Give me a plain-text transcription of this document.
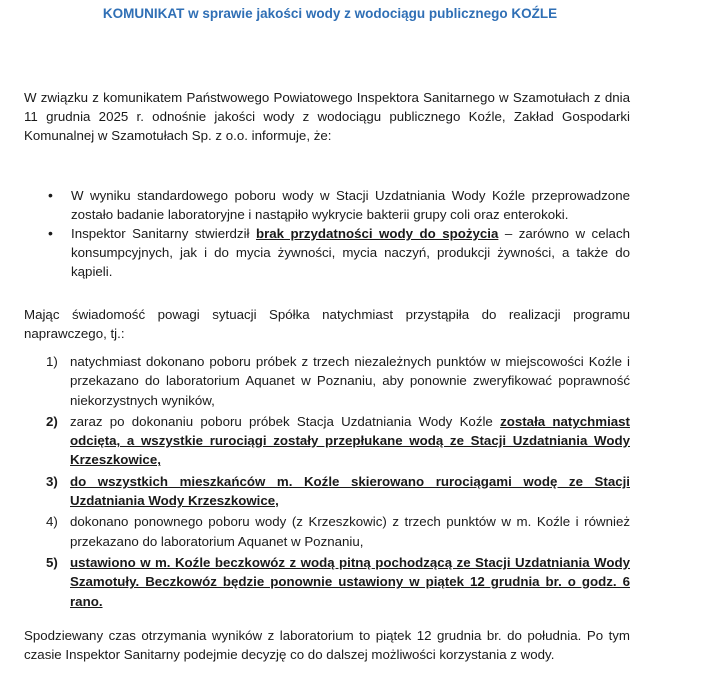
KOMUNIKAT w sprawie jakości wody z wodociągu publicznego KOŹLE
W związku z komunikatem Państwowego Powiatowego Inspektora Sanitarnego w Szamotułach z dnia 11 grudnia 2025 r. odnośnie jakości wody z wodociągu publicznego Koźle, Zakład Gospodarki Komunalnej w Szamotułach Sp. z o.o. informuje, że:
• W wyniku standardowego poboru wody w Stacji Uzdatniania Wody Koźle przeprowadzone zostało badanie laboratoryjne i nastąpiło wykrycie bakterii grupy coli oraz enterokoki.
• Inspektor Sanitarny stwierdził brak przydatności wody do spożycia – zarówno w celach konsumpcyjnych, jak i do mycia żywności, mycia naczyń, produkcji żywności, a także do kąpieli.
Mając świadomość powagi sytuacji Spółka natychmiast przystąpiła do realizacji programu naprawczego, tj.:
1) natychmiast dokonano poboru próbek z trzech niezależnych punktów w miejscowości Koźle i przekazano do laboratorium Aquanet w Poznaniu, aby ponownie zweryfikować poprawność niekorzystnych wyników,
2) zaraz po dokonaniu poboru próbek Stacja Uzdatniania Wody Koźle została natychmiast odcięta, a wszystkie rurociągi zostały przepłukane wodą ze Stacji Uzdatniania Wody Krzeszkowice,
3) do wszystkich mieszkańców m. Koźle skierowano rurociągami wodę ze Stacji Uzdatniania Wody Krzeszkowice,
4) dokonano ponownego poboru wody (z Krzeszkowic) z trzech punktów w m. Koźle i również przekazano do laboratorium Aquanet w Poznaniu,
5) ustawiono w m. Koźle beczkowóz z wodą pitną pochodzącą ze Stacji Uzdatniania Wody Szamotuły. Beczkowóz będzie ponownie ustawiony w piątek 12 grudnia br. o godz. 6 rano.
Spodziewany czas otrzymania wyników z laboratorium to piątek 12 grudnia br. do południa. Po tym czasie Inspektor Sanitarny podejmie decyzję co do dalszej możliwości korzystania z wody.
